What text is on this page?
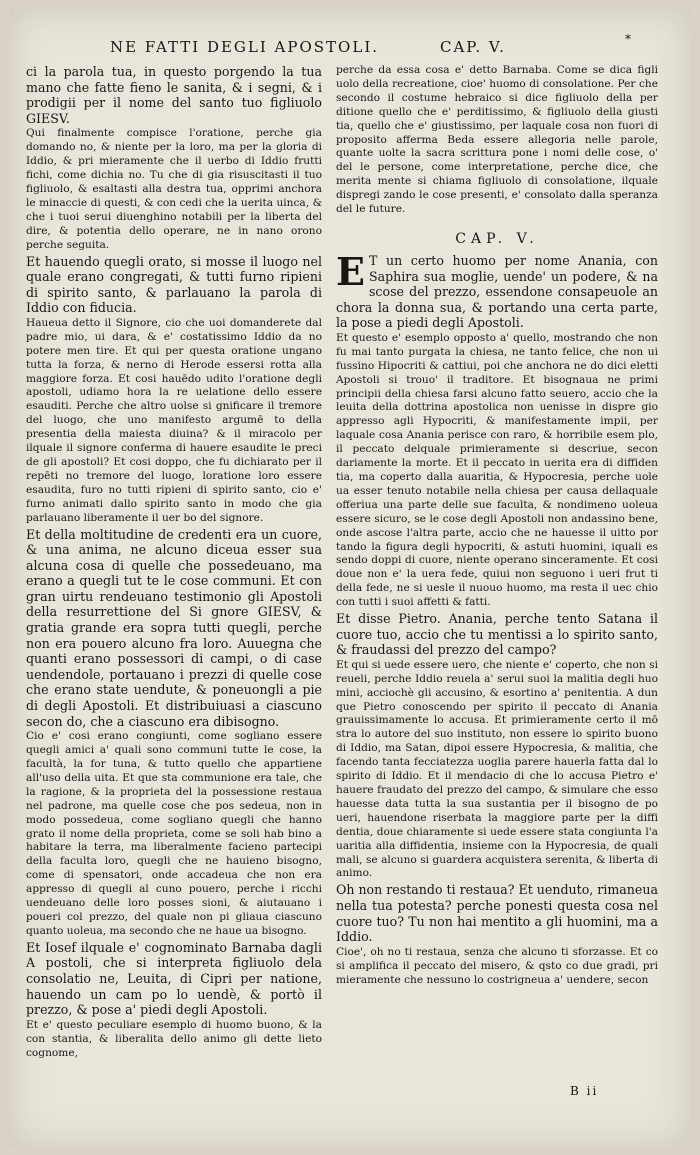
NE FATTI DEGLI APOSTOLI.	CAP. V.	*

ci la parola tua, in questo porgendo la tua mano che fatte fieno le sanita, & i segni, & i prodigii per il nome del santo tuo figliuolo GIESV.

Qui finalmente compisce l'oratione, perche gia domando no, & niente per la loro, ma per la gloria di Iddio, & pri mieramente che il uerbo di Iddio frutti fichi, come dichia no. Tu che di gia risuscitasti il tuo figliuolo, & esaltasti alla destra tua, opprimi anchora le minaccie di questi, & con cedi che la uerita uinca, & che i tuoi serui diuenghino notabili per la liberta del dire, & potentia dello operare, ne in nano orono perche seguita.

Et hauendo quegli orato, si mosse il luogo nel quale erano congregati, & tutti furno ripieni di spirito santo, & parlauano la parola di Iddio con fiducia.

Haueua detto il Signore, cio che uoi domanderete dal padre mio, ui dara, & e' costatissimo Iddio da no potere men tire. Et qui per questa oratione ungano tutta la forza, & nerno di Herode essersi rotta alla maggiore forza. Et cosi hauēdo udito l'oratione degli apostoli, udiamo hora la re uelatione dello essere esauditi. Perche che altro uolse si gnificare il tremore del luogo, che uno manifesto argumē to della presentia della maiesta diuina? & il miracolo per ilquale il signore conferma di hauere esaudite le preci de gli apostoli? Et cosi doppo, che fu dichiarato per il repēti no tremore del luogo, loratione loro essere esaudita, furo no tutti ripieni di spirito santo, cio e' furno animati dallo spirito santo in modo che gia parlauano liberamente il uer bo del signore.

Et della moltitudine de credenti era un cuore, & una anima, ne alcuno diceua esser sua alcuna cosa di quelle che possedeuano, ma erano a quegli tut te le cose communi. Et con gran uirtu rendeuano testimonio gli Apostoli della resurrettione del Si gnore GIESV, & gratia grande era sopra tutti quegli, perche non era pouero alcuno fra loro. Auuegna che quanti erano possessori di campi, o di case uendendole, portauano i prezzi di quelle cose che erano state uendute, & poneuongli a pie di degli Apostoli. Et distribuiuasi a ciascuno secon do, che a ciascuno era dibisogno.

Cio e' cosi erano congiunti, come sogliano essere quegli amici a' quali sono communi tutte le cose, la facultà, la for tuna, & tutto quello che appartiene all'uso della uita. Et que sta communione era tale, che la ragione, & la proprieta del la possessione restaua nel padrone, ma quelle cose che pos sedeua, non in modo possedeua, come sogliano quegli che hanno grato il nome della proprieta, come se soli hab bino a habitare la terra, ma liberalmente facieno partecipi della faculta loro, quegli che ne hauieno bisogno, come di spensatori, onde accadeua che non era appresso di quegli al cuno pouero, perche i ricchi uendeuano delle loro posses sioni, & aiutauano i poueri col prezzo, del quale non pi gliaua ciascuno quanto uoleua, ma secondo che ne haue ua bisogno.

Et Iosef ilquale e' cognominato Barnaba dagli A postoli, che si interpreta figliuolo dela consolatio ne, Leuita, di Cipri per natione, hauendo un cam po lo uendè, & portò il prezzo, & pose a' piedi degli Apostoli.

Et e' questo peculiare esemplo di huomo buono, & la con stantia, & liberalita dello animo gli dette lieto cognome,

perche da essa cosa e' detto Barnaba. Come se dica figli uolo della recreatione, cioe' huomo di consolatione. Per che secondo il costume hebraico si dice figliuolo della per ditione quello che e' perditissimo, & figliuolo della giusti tia, quello che e' giustissimo, per laquale cosa non fuori di proposito afferma Beda essere allegoria nelle parole, quante uolte la sacra scrittura pone i nomi delle cose, o' del le persone, come interpretatione, perche dice, che merita mente si chiama figliuolo di consolatione, ilquale dispregi zando le cose presenti, e' consolato dalla speranza del le future.

CAP. V.

E T un certo huomo per nome Anania, con Saphira sua moglie, uende' un podere, & na scose del prezzo, essendone consapeuole an chora la donna sua, & portando una certa parte, la pose a piedi degli Apostoli.

Et questo e' esemplo opposto a' quello, mostrando che non fu mai tanto purgata la chiesa, ne tanto felice, che non ui fussino Hipocriti & cattiui, poi che anchora ne do dici eletti Apostoli si trouo' il traditore. Et bisognaua ne primi principii della chiesa farsi alcuno fatto seuero, accio che la leuita della dottrina apostolica non uenisse in dispre gio appresso agli Hypocriti, & manifestamente impii, per laquale cosa Anania perisce con raro, & horribile esem plo, il peccato delquale primieramente si descriue, secon dariamente la morte. Et il peccato in uerita era di diffiden tia, ma coperto dalla auaritia, & Hypocresia, perche uole ua esser tenuto notabile nella chiesa per causa dellaquale offeriua una parte delle sue faculta, & nondimeno uoleua essere sicuro, se le cose degli Apostoli non andassino bene, onde ascose l'altra parte, accio che ne hauesse il uitto por tando la figura degli hypocriti, & astuti huomini, iquali es sendo doppi di cuore, niente operano sinceramente. Et cosi doue non e' la uera fede, quiui non seguono i ueri frut ti della fede, ne si uesle il nuouo huomo, ma resta il uec chio con tutti i suoi affetti & fatti.

Et disse Pietro. Anania, perche tento Satana il cuore tuo, accio che tu mentissi a lo spirito santo, & fraudassi del prezzo del campo?

Et qui si uede essere uero, che niente e' coperto, che non si reueli, perche Iddio reuela a' serui suoi la malitia degli huo mini, acciochè gli accusino, & esortino a' penitentia. A dun que Pietro conoscendo per spirito il peccato di Anania grauissimamente lo accusa. Et primieramente certo il mō stra lo autore del suo instituto, non essere lo spirito buono di Iddio, ma Satan, dipoi essere Hypocresia, & malitia, che facendo tanta fecciatezza uoglia parere hauerla fatta dal lo spirito di Iddio. Et il mendacio di che lo accusa Pietro e' hauere fraudato del prezzo del campo, & simulare che esso hauesse data tutta la sua sustantia per il bisogno de po ueri, hauendone riserbata la maggiore parte per la diffi dentia, doue chiaramente si uede essere stata congiunta l'a uaritia alla diffidentia, insieme con la Hypocresia, de quali mali, se alcuno si guardera acquistera serenita, & liberta di animo.

Oh non restando ti restaua? Et uenduto, rimaneua nella tua potesta? perche ponesti questa cosa nel cuore tuo? Tu non hai mentito a gli huomini, ma a Iddio.

Cioe', oh no ti restaua, senza che alcuno ti sforzasse. Et co si amplifica il peccato del misero, & qsto co due gradi, pri mieramente che nessuno lo costrigneua a' uendere, secon

B ii
